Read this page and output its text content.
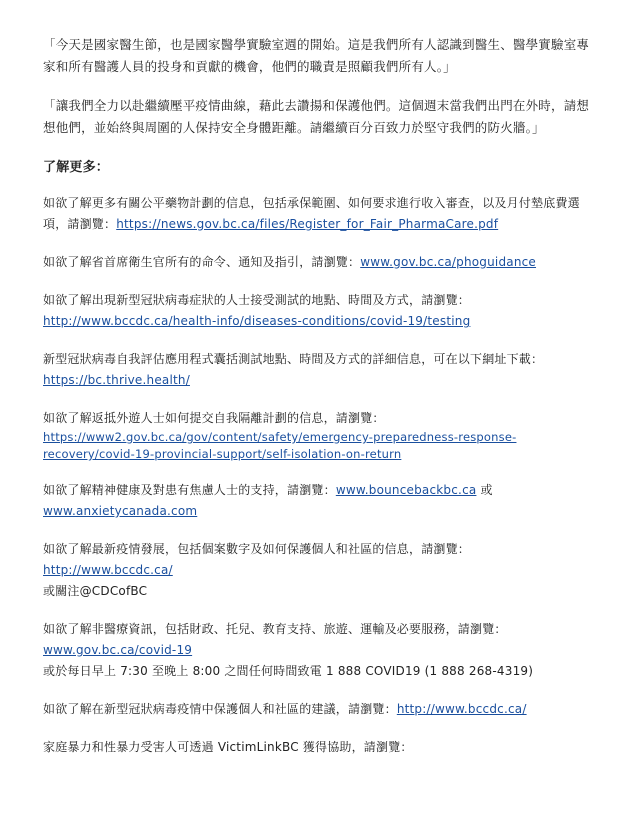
「今天是國家醫生節，也是國家醫學實驗室週的開始。這是我們所有人認識到醫生、醫學實驗室專家和所有醫護人員的投身和貢獻的機會，他們的職責是照顧我們所有人。」

「讓我們全力以赴繼續壓平疫情曲線，藉此去讚揚和保護他們。這個週末當我們出門在外時，請想想他們，並始終與周圍的人保持安全身體距離。請繼續百分百致力於堅守我們的防火牆。」

了解更多：

如欲了解更多有關公平藥物計劃的信息，包括承保範圍、如何要求進行收入審查，以及月付墊底費選項，請瀏覽：https://news.gov.bc.ca/files/Register_for_Fair_PharmaCare.pdf

如欲了解省首席衛生官所有的命令、通知及指引，請瀏覽：www.gov.bc.ca/phoguidance

如欲了解出現新型冠狀病毒症狀的人士接受測試的地點、時間及方式，請瀏覽：
http://www.bccdc.ca/health-info/diseases-conditions/covid-19/testing

新型冠狀病毒自我評估應用程式囊括測試地點、時間及方式的詳細信息，可在以下網址下載：https://bc.thrive.health/

如欲了解返抵外遊人士如何提交自我隔離計劃的信息，請瀏覽：
https://www2.gov.bc.ca/gov/content/safety/emergency-preparedness-response-
recovery/covid-19-provincial-support/self-isolation-on-return

如欲了解精神健康及對患有焦慮人士的支持，請瀏覽：www.bouncebackbc.ca 或
www.anxietycanada.com

如欲了解最新疫情發展，包括個案數字及如何保護個人和社區的信息，請瀏覽：
http://www.bccdc.ca/
或關注@CDCofBC

如欲了解非醫療資訊，包括財政、托兒、教育支持、旅遊、運輸及必要服務，請瀏覽：
www.gov.bc.ca/covid-19
或於每日早上 7:30 至晚上 8:00 之間任何時間致電 1 888 COVID19 (1 888 268-4319)

如欲了解在新型冠狀病毒疫情中保護個人和社區的建議，請瀏覽：http://www.bccdc.ca/

家庭暴力和性暴力受害人可透過 VictimLinkBC 獲得協助，請瀏覽：
